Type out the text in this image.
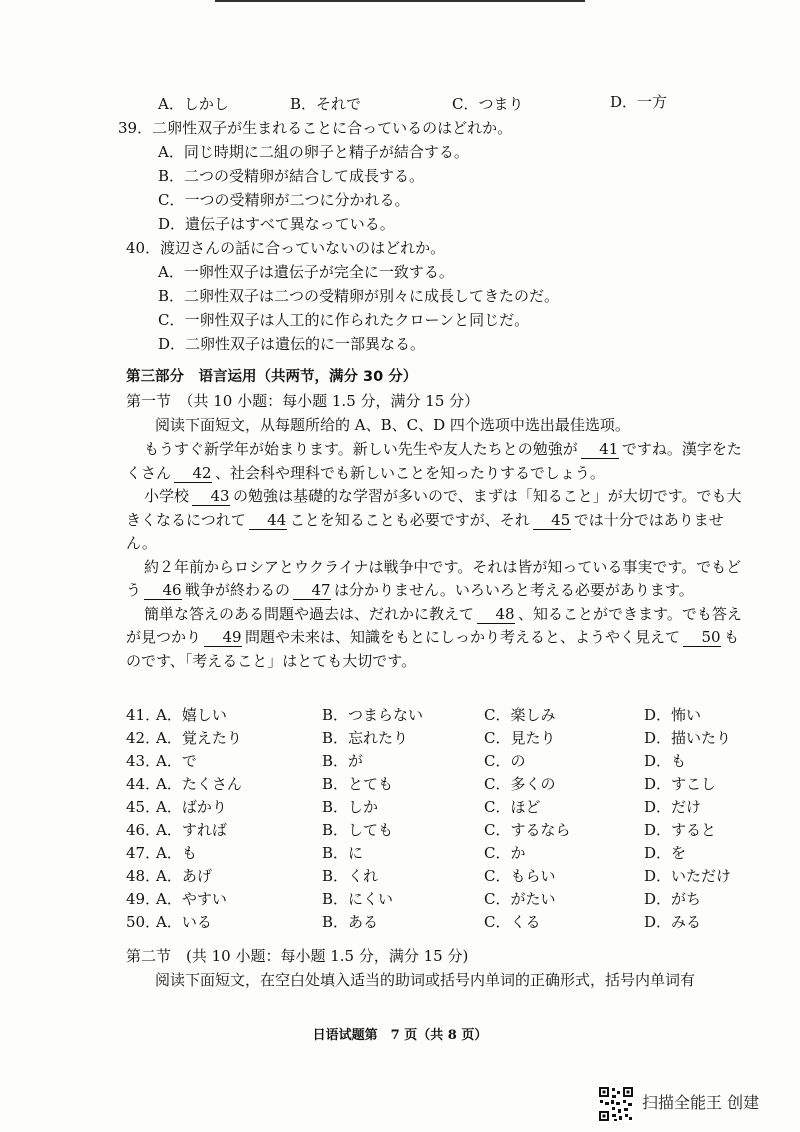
A．しかし	B．それで	C．つまり	D．一方
39．二卵性双子が生まれることに合っているのはどれか。
A．同じ時期に二組の卵子と精子が結合する。
B．二つの受精卵が結合して成長する。
C．一つの受精卵が二つに分かれる。
D．遺伝子はすべて異なっている。
40．渡辺さんの話に合っていないのはどれか。
A．一卵性双子は遺伝子が完全に一致する。
B．二卵性双子は二つの受精卵が別々に成長してきたのだ。
C．一卵性双子は人工的に作られたクローンと同じだ。
D．二卵性双子は遺伝的に一部異なる。
第三部分　语言运用（共两节，满分 30 分）
第一节　（共 10 小题：每小题 1.5 分，满分 15 分）
阅读下面短文，从每题所给的 A、B、C、D 四个选项中选出最佳选项。

もうすぐ新学年が始まります。新しい先生や友人たちとの勉強が 41 ですね。漢字をたくさん 42 、社会科や理科でも新しいことを知ったりするでしょう。

小学校 43 の勉強は基礎的な学習が多いので、まずは「知ること」が大切です。でも大きくなるにつれて 44 ことを知ることも必要ですが、それ 45 では十分ではありません。

約２年前からロシアとウクライナは戦争中です。それは皆が知っている事実です。でもどう 46 戦争が終わるの 47 は分かりません。いろいろと考える必要があります。

簡単な答えのある問題や過去は、だれかに教えて 48 、知ることができます。でも答えが見つかり 49 問題や未来は、知識をもとにしっかり考えると、ようやく見えて 50 ものです、「考えること」はとても大切です。

41．
A．嬉しい	B．つまらない	C．楽しみ	D．怖い
42．
A．覚えたり	B．忘れたり	C．見たり	D．描いたり
43．
A．で	B．が	C．の	D．も
44．
A．たくさん	B．とても	C．多くの	D．すこし
45．
A．ばかり	B．しか	C．ほど	D．だけ
46．
A．すれば	B．しても	C．するなら	D．すると
47．
A．も	B．に	C．か	D．を
48．
A．あげ	B．くれ	C．もらい	D．いただけ
49．
A．やすい	B．にくい	C．がたい	D．がち
50．
A．いる	B．ある	C．くる	D．みる
第二节　(共 10 小题：每小题 1.5 分，满分 15 分)
阅读下面短文，在空白处填入适当的助词或括号内单词的正确形式，括号内单词有
日语试题第　7 页（共 8 页）
扫描全能王 创建
